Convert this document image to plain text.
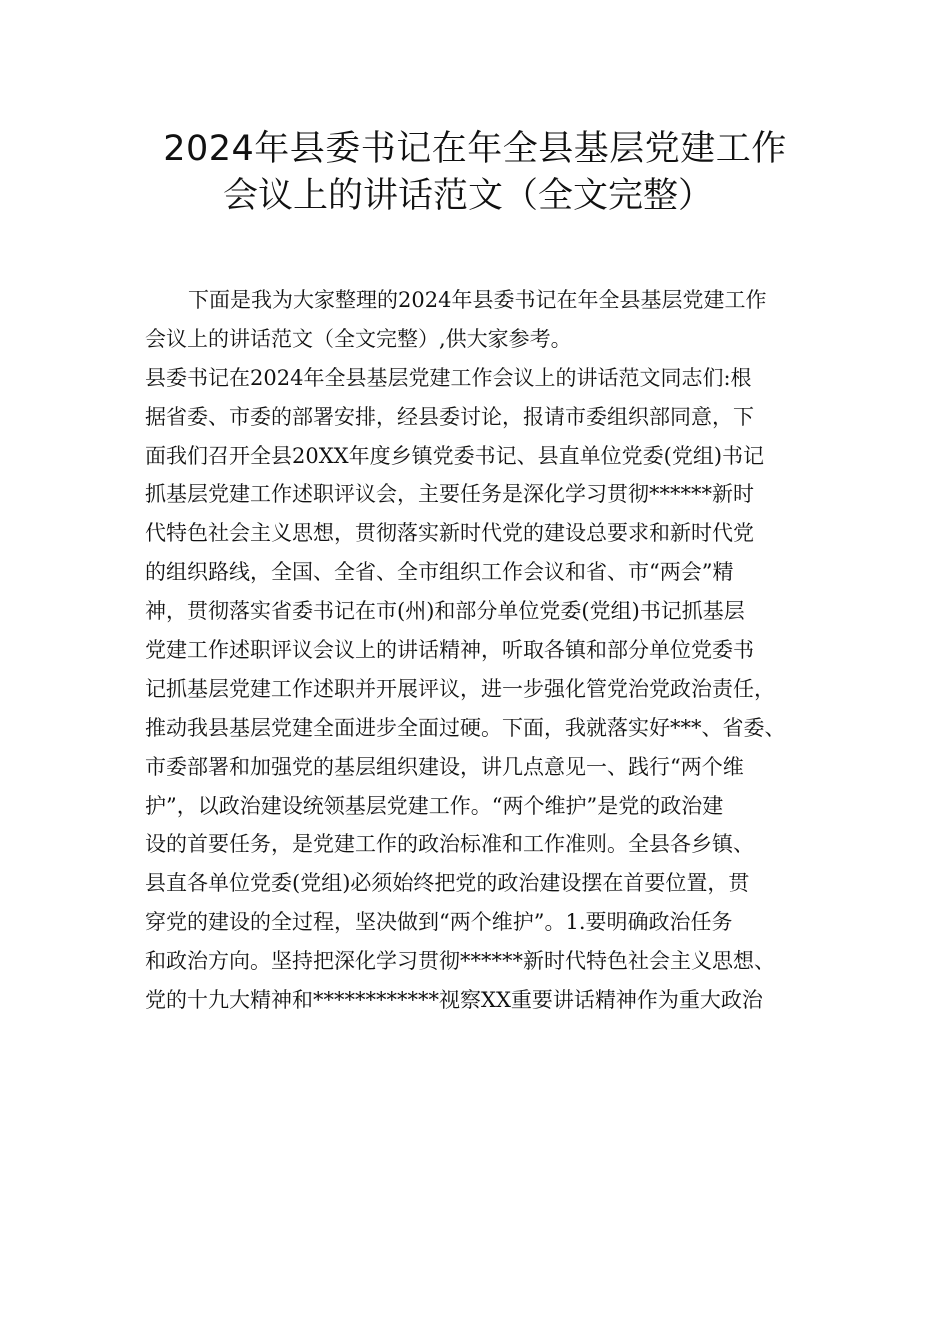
2024年县委书记在年全县基层党建工作
会议上的讲话范文（全文完整）
下面是我为大家整理的2024年县委书记在年全县基层党建工作
会议上的讲话范文（全文完整）,供大家参考。
县委书记在2024年全县基层党建工作会议上的讲话范文同志们:根
据省委、市委的部署安排，经县委讨论，报请市委组织部同意，下
面我们召开全县20XX年度乡镇党委书记、县直单位党委(党组)书记
抓基层党建工作述职评议会，主要任务是深化学习贯彻******新时
代特色社会主义思想，贯彻落实新时代党的建设总要求和新时代党
的组织路线，全国、全省、全市组织工作会议和省、市“两会”精
神，贯彻落实省委书记在市(州)和部分单位党委(党组)书记抓基层
党建工作述职评议会议上的讲话精神，听取各镇和部分单位党委书
记抓基层党建工作述职并开展评议，进一步强化管党治党政治责任，
推动我县基层党建全面进步全面过硬。下面，我就落实好***、省委、
市委部署和加强党的基层组织建设，讲几点意见一、践行“两个维
护”，以政治建设统领基层党建工作。“两个维护”是党的政治建
设的首要任务，是党建工作的政治标准和工作准则。全县各乡镇、
县直各单位党委(党组)必须始终把党的政治建设摆在首要位置，贯
穿党的建设的全过程，坚决做到“两个维护”。1.要明确政治任务
和政治方向。坚持把深化学习贯彻******新时代特色社会主义思想、
党的十九大精神和************视察XX重要讲话精神作为重大政治
